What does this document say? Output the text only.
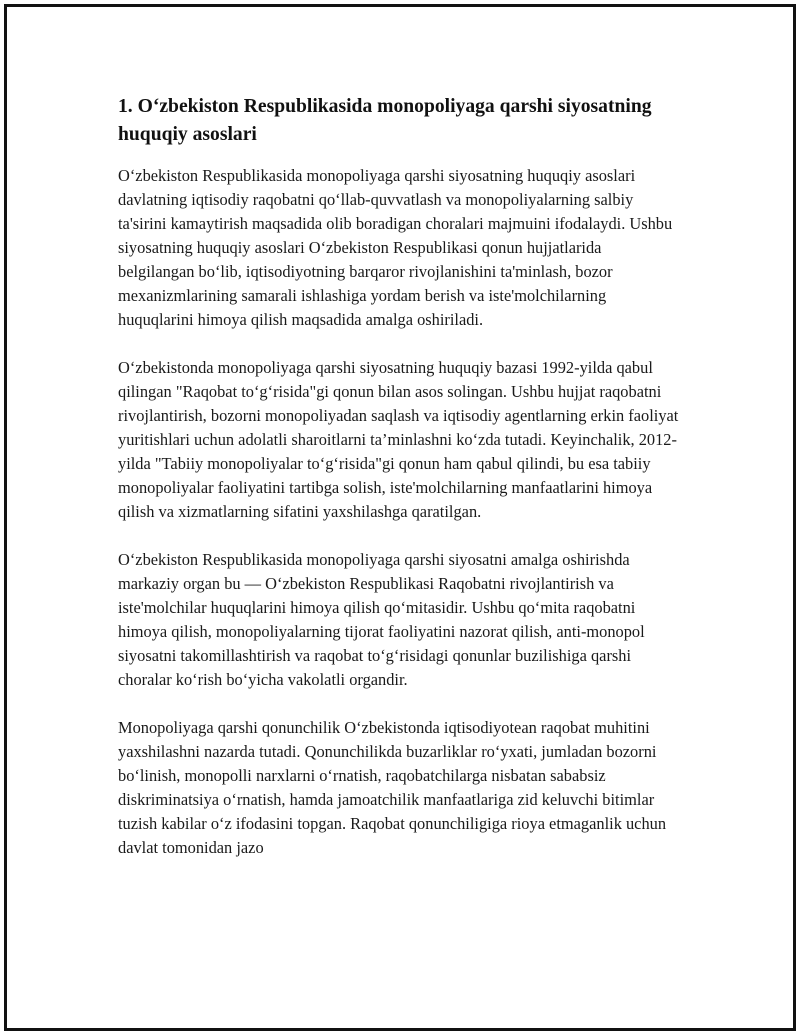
1. O‘zbekiston Respublikasida monopoliyaga qarshi siyosatning huquqiy asoslari

O‘zbekiston Respublikasida monopoliyaga qarshi siyosatning huquqiy asoslari davlatning iqtisodiy raqobatni qo‘llab-quvvatlash va monopoliyalarning salbiy ta'sirini kamaytirish maqsadida olib boradigan choralari majmuini ifodalaydi. Ushbu siyosatning huquqiy asoslari O‘zbekiston Respublikasi qonun hujjatlarida belgilangan bo‘lib, iqtisodiyotning barqaror rivojlanishini ta'minlash, bozor mexanizmlarining samarali ishlashiga yordam berish va iste'molchilarning huquqlarini himoya qilish maqsadida amalga oshiriladi.

O‘zbekistonda monopoliyaga qarshi siyosatning huquqiy bazasi 1992-yilda qabul qilingan "Raqobat to‘g‘risida"gi qonun bilan asos solingan. Ushbu hujjat raqobatni rivojlantirish, bozorni monopoliyadan saqlash va iqtisodiy agentlarning erkin faoliyat yuritishlari uchun adolatli sharoitlarni ta’minlashni ko‘zda tutadi. Keyinchalik, 2012-yilda "Tabiiy monopoliyalar to‘g‘risida"gi qonun ham qabul qilindi, bu esa tabiiy monopoliyalar faoliyatini tartibga solish, iste'molchilarning manfaatlarini himoya qilish va xizmatlarning sifatini yaxshilashga qaratilgan.

O‘zbekiston Respublikasida monopoliyaga qarshi siyosatni amalga oshirishda markaziy organ bu — O‘zbekiston Respublikasi Raqobatni rivojlantirish va iste'molchilar huquqlarini himoya qilish qo‘mitasidir. Ushbu qo‘mita raqobatni himoya qilish, monopoliyalarning tijorat faoliyatini nazorat qilish, anti-monopol siyosatni takomillashtirish va raqobat to‘g‘risidagi qonunlar buzilishiga qarshi choralar ko‘rish bo‘yicha vakolatli organdir.

Monopoliyaga qarshi qonunchilik O‘zbekistonda iqtisodiyotean raqobat muhitini yaxshilashni nazarda tutadi. Qonunchilikda buzarliklar ro‘yxati, jumladan bozorni bo‘linish, monopolli narxlarni o‘rnatish, raqobatchilarga nisbatan sababsiz diskriminatsiya o‘rnatish, hamda jamoatchilik manfaatlariga zid keluvchi bitimlar tuzish kabilar o‘z ifodasini topgan. Raqobat qonunchiligiga rioya etmaganlik uchun davlat tomonidan jazo
